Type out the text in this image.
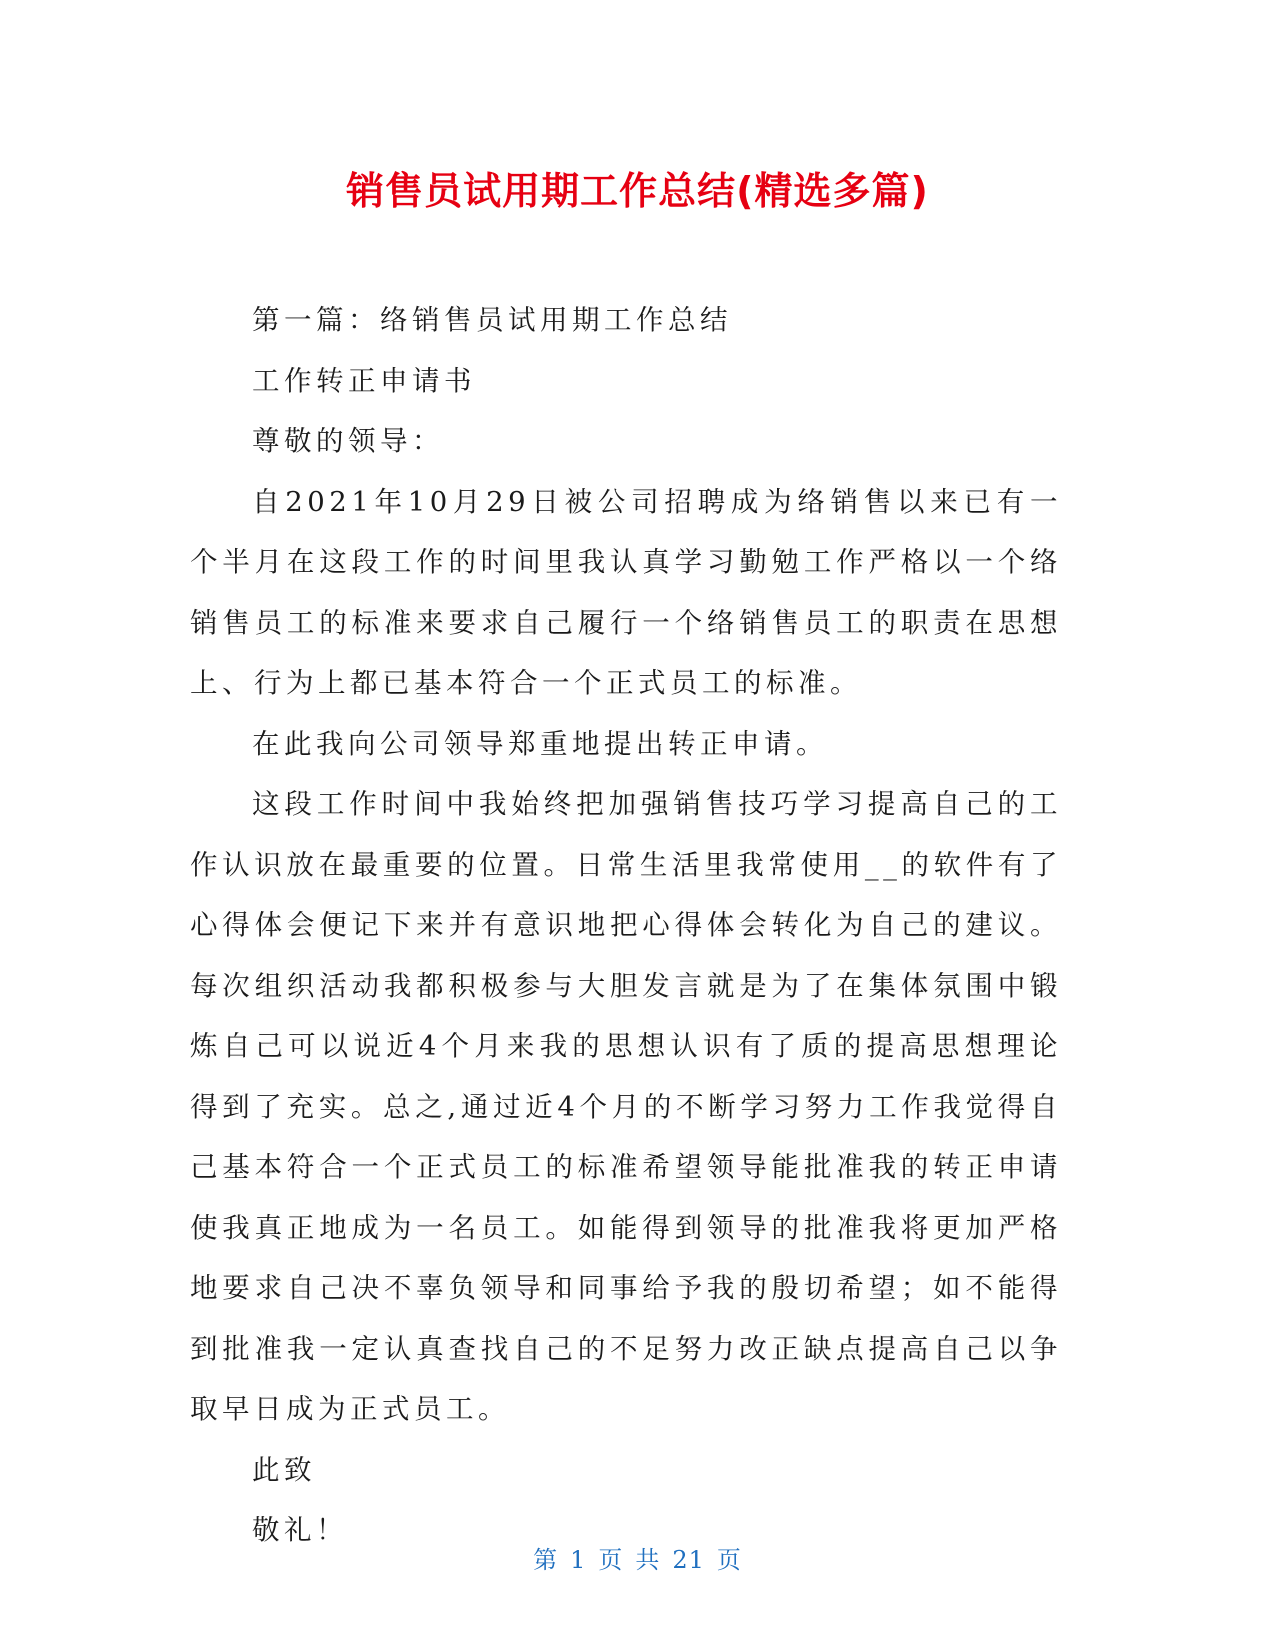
销售员试用期工作总结(精选多篇)

第一篇：络销售员试用期工作总结

工作转正申请书

尊敬的领导：

自2021年10月29日被公司招聘成为络销售以来已有一个半月在这段工作的时间里我认真学习勤勉工作严格以一个络销售员工的标准来要求自己履行一个络销售员工的职责在思想上、行为上都已基本符合一个正式员工的标准。

在此我向公司领导郑重地提出转正申请。

这段工作时间中我始终把加强销售技巧学习提高自己的工作认识放在最重要的位置。日常生活里我常使用__的软件有了心得体会便记下来并有意识地把心得体会转化为自己的建议。每次组织活动我都积极参与大胆发言就是为了在集体氛围中锻炼自己可以说近4个月来我的思想认识有了质的提高思想理论得到了充实。总之,通过近4个月的不断学习努力工作我觉得自己基本符合一个正式员工的标准希望领导能批准我的转正申请使我真正地成为一名员工。如能得到领导的批准我将更加严格地要求自己决不辜负领导和同事给予我的殷切希望；如不能得到批准我一定认真查找自己的不足努力改正缺点提高自己以争取早日成为正式员工。

此致

敬礼！

第 1 页 共 21 页
